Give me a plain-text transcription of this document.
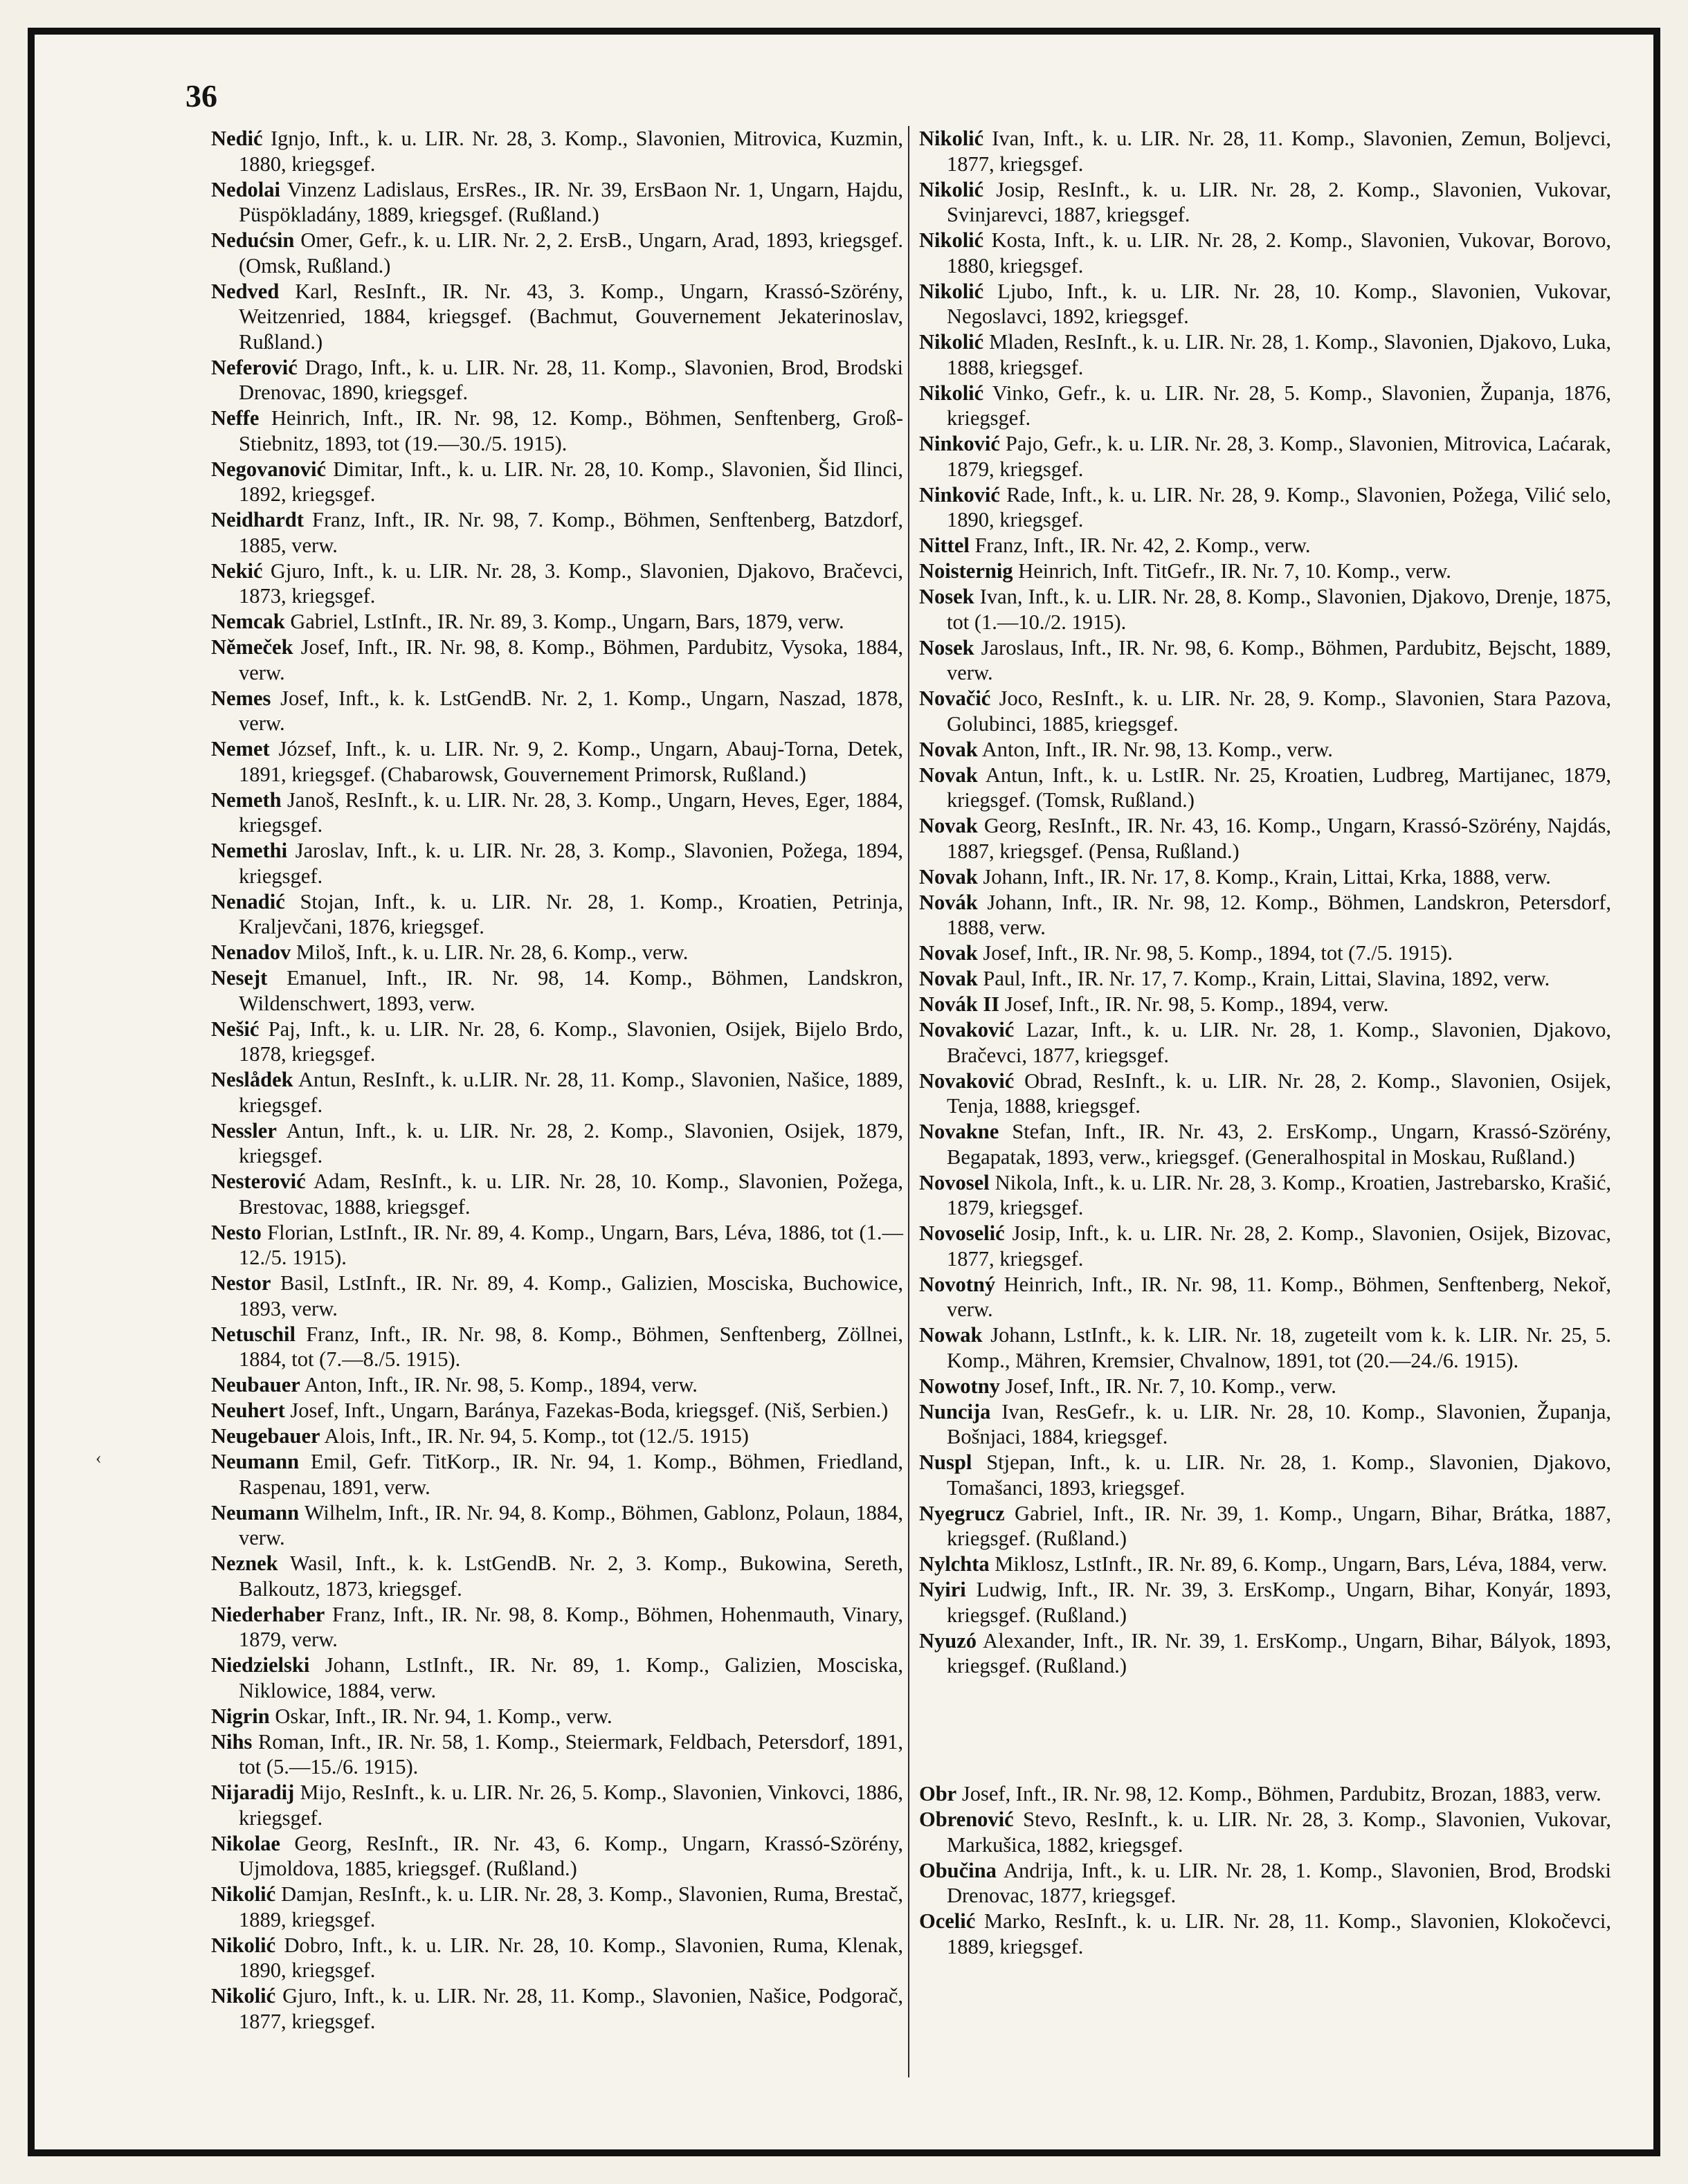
36
‹

Nedić Ignjo, Inft., k. u. LIR. Nr. 28, 3. Komp., Slavonien, Mitrovica, Kuzmin, 1880, kriegsgef.

Nedolai Vinzenz Ladislaus, ErsRes., IR. Nr. 39, ErsBaon Nr. 1, Ungarn, Hajdu, Püspökladány, 1889, kriegsgef. (Rußland.)

Nedućsin Omer, Gefr., k. u. LIR. Nr. 2, 2. ErsB., Ungarn, Arad, 1893, kriegsgef. (Omsk, Rußland.)

Nedved Karl, ResInft., IR. Nr. 43, 3. Komp., Ungarn, Krassó-Szörény, Weitzenried, 1884, kriegsgef. (Bachmut, Gouvernement Jekaterinoslav, Rußland.)

Neferović Drago, Inft., k. u. LIR. Nr. 28, 11. Komp., Slavonien, Brod, Brodski Drenovac, 1890, kriegsgef.

Neffe Heinrich, Inft., IR. Nr. 98, 12. Komp., Böhmen, Senftenberg, Groß-Stiebnitz, 1893, tot (19.—30./5. 1915).

Negovanović Dimitar, Inft., k. u. LIR. Nr. 28, 10. Komp., Slavonien, Šid Ilinci, 1892, kriegsgef.

Neidhardt Franz, Inft., IR. Nr. 98, 7. Komp., Böhmen, Senftenberg, Batzdorf, 1885, verw.

Nekić Gjuro, Inft., k. u. LIR. Nr. 28, 3. Komp., Slavonien, Djakovo, Bračevci, 1873, kriegsgef.

Nemcak Gabriel, LstInft., IR. Nr. 89, 3. Komp., Ungarn, Bars, 1879, verw.

Němeček Josef, Inft., IR. Nr. 98, 8. Komp., Böhmen, Pardubitz, Vysoka, 1884, verw.

Nemes Josef, Inft., k. k. LstGendB. Nr. 2, 1. Komp., Ungarn, Naszad, 1878, verw.

Nemet József, Inft., k. u. LIR. Nr. 9, 2. Komp., Ungarn, Abauj-Torna, Detek, 1891, kriegsgef. (Chabarowsk, Gouvernement Primorsk, Rußland.)

Nemeth Janoš, ResInft., k. u. LIR. Nr. 28, 3. Komp., Ungarn, Heves, Eger, 1884, kriegsgef.

Nemethi Jaroslav, Inft., k. u. LIR. Nr. 28, 3. Komp., Slavonien, Požega, 1894, kriegsgef.

Nenadić Stojan, Inft., k. u. LIR. Nr. 28, 1. Komp., Kroatien, Petrinja, Kraljevčani, 1876, kriegsgef.

Nenadov Miloš, Inft., k. u. LIR. Nr. 28, 6. Komp., verw.

Nesejt Emanuel, Inft., IR. Nr. 98, 14. Komp., Böhmen, Landskron, Wildenschwert, 1893, verw.

Nešić Paj, Inft., k. u. LIR. Nr. 28, 6. Komp., Slavonien, Osijek, Bijelo Brdo, 1878, kriegsgef.

Neslådek Antun, ResInft., k. u.LIR. Nr. 28, 11. Komp., Slavonien, Našice, 1889, kriegsgef.

Nessler Antun, Inft., k. u. LIR. Nr. 28, 2. Komp., Slavonien, Osijek, 1879, kriegsgef.

Nesterović Adam, ResInft., k. u. LIR. Nr. 28, 10. Komp., Slavonien, Požega, Brestovac, 1888, kriegsgef.

Nesto Florian, LstInft., IR. Nr. 89, 4. Komp., Ungarn, Bars, Léva, 1886, tot (1.—12./5. 1915).

Nestor Basil, LstInft., IR. Nr. 89, 4. Komp., Galizien, Mosciska, Buchowice, 1893, verw.

Netuschil Franz, Inft., IR. Nr. 98, 8. Komp., Böhmen, Senftenberg, Zöllnei, 1884, tot (7.—8./5. 1915).

Neubauer Anton, Inft., IR. Nr. 98, 5. Komp., 1894, verw.

Neuhert Josef, Inft., Ungarn, Baránya, Fazekas-Boda, kriegsgef. (Niš, Serbien.)

Neugebauer Alois, Inft., IR. Nr. 94, 5. Komp., tot (12./5. 1915)

Neumann Emil, Gefr. TitKorp., IR. Nr. 94, 1. Komp., Böhmen, Friedland, Raspenau, 1891, verw.

Neumann Wilhelm, Inft., IR. Nr. 94, 8. Komp., Böhmen, Gablonz, Polaun, 1884, verw.

Neznek Wasil, Inft., k. k. LstGendB. Nr. 2, 3. Komp., Bukowina, Sereth, Balkoutz, 1873, kriegsgef.

Niederhaber Franz, Inft., IR. Nr. 98, 8. Komp., Böhmen, Hohenmauth, Vinary, 1879, verw.

Niedzielski Johann, LstInft., IR. Nr. 89, 1. Komp., Galizien, Mosciska, Niklowice, 1884, verw.

Nigrin Oskar, Inft., IR. Nr. 94, 1. Komp., verw.

Nihs Roman, Inft., IR. Nr. 58, 1. Komp., Steiermark, Feldbach, Petersdorf, 1891, tot (5.—15./6. 1915).

Nijaradij Mijo, ResInft., k. u. LIR. Nr. 26, 5. Komp., Slavonien, Vinkovci, 1886, kriegsgef.

Nikolae Georg, ResInft., IR. Nr. 43, 6. Komp., Ungarn, Krassó-Szörény, Ujmoldova, 1885, kriegsgef. (Rußland.)

Nikolić Damjan, ResInft., k. u. LIR. Nr. 28, 3. Komp., Slavonien, Ruma, Brestač, 1889, kriegsgef.

Nikolić Dobro, Inft., k. u. LIR. Nr. 28, 10. Komp., Slavonien, Ruma, Klenak, 1890, kriegsgef.

Nikolić Gjuro, Inft., k. u. LIR. Nr. 28, 11. Komp., Slavonien, Našice, Podgorač, 1877, kriegsgef.

Nikolić Ivan, Inft., k. u. LIR. Nr. 28, 11. Komp., Slavonien, Zemun, Boljevci, 1877, kriegsgef.

Nikolić Josip, ResInft., k. u. LIR. Nr. 28, 2. Komp., Slavonien, Vukovar, Svinjarevci, 1887, kriegsgef.

Nikolić Kosta, Inft., k. u. LIR. Nr. 28, 2. Komp., Slavonien, Vukovar, Borovo, 1880, kriegsgef.

Nikolić Ljubo, Inft., k. u. LIR. Nr. 28, 10. Komp., Slavonien, Vukovar, Negoslavci, 1892, kriegsgef.

Nikolić Mladen, ResInft., k. u. LIR. Nr. 28, 1. Komp., Slavonien, Djakovo, Luka, 1888, kriegsgef.

Nikolić Vinko, Gefr., k. u. LIR. Nr. 28, 5. Komp., Slavonien, Županja, 1876, kriegsgef.

Ninković Pajo, Gefr., k. u. LIR. Nr. 28, 3. Komp., Slavonien, Mitrovica, Laćarak, 1879, kriegsgef.

Ninković Rade, Inft., k. u. LIR. Nr. 28, 9. Komp., Slavonien, Požega, Vilić selo, 1890, kriegsgef.

Nittel Franz, Inft., IR. Nr. 42, 2. Komp., verw.

Noisternig Heinrich, Inft. TitGefr., IR. Nr. 7, 10. Komp., verw.

Nosek Ivan, Inft., k. u. LIR. Nr. 28, 8. Komp., Slavonien, Djakovo, Drenje, 1875, tot (1.—10./2. 1915).

Nosek Jaroslaus, Inft., IR. Nr. 98, 6. Komp., Böhmen, Pardubitz, Bejscht, 1889, verw.

Novačić Joco, ResInft., k. u. LIR. Nr. 28, 9. Komp., Slavonien, Stara Pazova, Golubinci, 1885, kriegsgef.

Novak Anton, Inft., IR. Nr. 98, 13. Komp., verw.

Novak Antun, Inft., k. u. LstIR. Nr. 25, Kroatien, Ludbreg, Martijanec, 1879, kriegsgef. (Tomsk, Rußland.)

Novak Georg, ResInft., IR. Nr. 43, 16. Komp., Ungarn, Krassó-Szörény, Najdás, 1887, kriegsgef. (Pensa, Rußland.)

Novak Johann, Inft., IR. Nr. 17, 8. Komp., Krain, Littai, Krka, 1888, verw.

Novák Johann, Inft., IR. Nr. 98, 12. Komp., Böhmen, Landskron, Petersdorf, 1888, verw.

Novak Josef, Inft., IR. Nr. 98, 5. Komp., 1894, tot (7./5. 1915).

Novak Paul, Inft., IR. Nr. 17, 7. Komp., Krain, Littai, Slavina, 1892, verw.

Novák II Josef, Inft., IR. Nr. 98, 5. Komp., 1894, verw.

Novaković Lazar, Inft., k. u. LIR. Nr. 28, 1. Komp., Slavonien, Djakovo, Bračevci, 1877, kriegsgef.

Novaković Obrad, ResInft., k. u. LIR. Nr. 28, 2. Komp., Slavonien, Osijek, Tenja, 1888, kriegsgef.

Novakne Stefan, Inft., IR. Nr. 43, 2. ErsKomp., Ungarn, Krassó-Szörény, Begapatak, 1893, verw., kriegsgef. (Generalhospital in Moskau, Rußland.)

Novosel Nikola, Inft., k. u. LIR. Nr. 28, 3. Komp., Kroatien, Jastrebarsko, Krašić, 1879, kriegsgef.

Novoselić Josip, Inft., k. u. LIR. Nr. 28, 2. Komp., Slavonien, Osijek, Bizovac, 1877, kriegsgef.

Novotný Heinrich, Inft., IR. Nr. 98, 11. Komp., Böhmen, Senftenberg, Nekoř, verw.

Nowak Johann, LstInft., k. k. LIR. Nr. 18, zugeteilt vom k. k. LIR. Nr. 25, 5. Komp., Mähren, Kremsier, Chvalnow, 1891, tot (20.—24./6. 1915).

Nowotny Josef, Inft., IR. Nr. 7, 10. Komp., verw.

Nuncija Ivan, ResGefr., k. u. LIR. Nr. 28, 10. Komp., Slavonien, Županja, Bošnjaci, 1884, kriegsgef.

Nuspl Stjepan, Inft., k. u. LIR. Nr. 28, 1. Komp., Slavonien, Djakovo, Tomašanci, 1893, kriegsgef.

Nyegrucz Gabriel, Inft., IR. Nr. 39, 1. Komp., Ungarn, Bihar, Brátka, 1887, kriegsgef. (Rußland.)

Nylchta Miklosz, LstInft., IR. Nr. 89, 6. Komp., Ungarn, Bars, Léva, 1884, verw.

Nyiri Ludwig, Inft., IR. Nr. 39, 3. ErsKomp., Ungarn, Bihar, Konyár, 1893, kriegsgef. (Rußland.)

Nyuzó Alexander, Inft., IR. Nr. 39, 1. ErsKomp., Ungarn, Bihar, Bályok, 1893, kriegsgef. (Rußland.)

Obr Josef, Inft., IR. Nr. 98, 12. Komp., Böhmen, Pardubitz, Brozan, 1883, verw.

Obrenović Stevo, ResInft., k. u. LIR. Nr. 28, 3. Komp., Slavonien, Vukovar, Markušica, 1882, kriegsgef.

Obučina Andrija, Inft., k. u. LIR. Nr. 28, 1. Komp., Slavonien, Brod, Brodski Drenovac, 1877, kriegsgef.

Ocelić Marko, ResInft., k. u. LIR. Nr. 28, 11. Komp., Slavonien, Klokočevci, 1889, kriegsgef.
